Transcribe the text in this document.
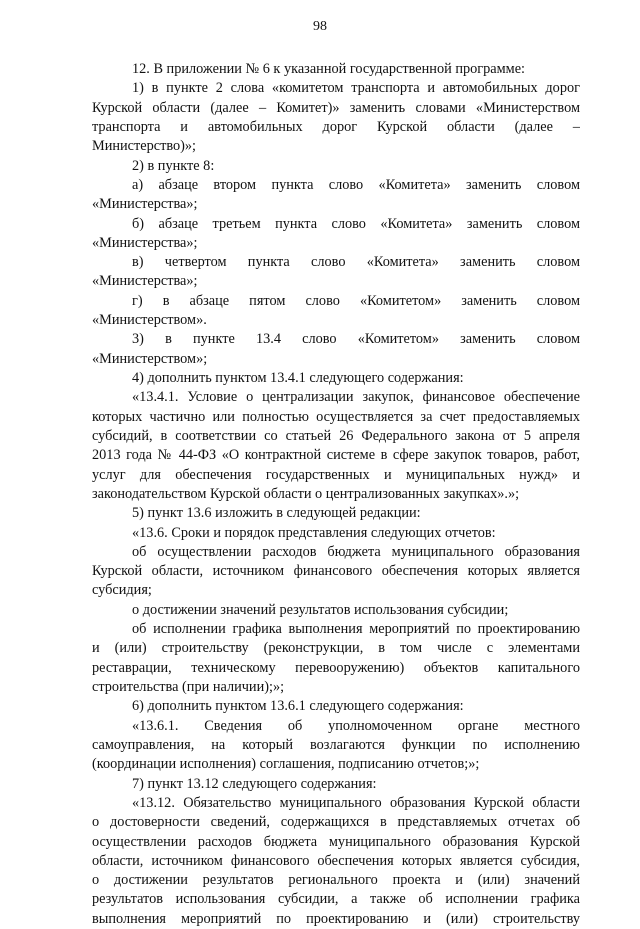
98
12. В приложении № 6 к указанной государственной программе:
1) в пункте 2 слова «комитетом транспорта и автомобильных дорог
Курской области (далее – Комитет)» заменить словами «Министерством
транспорта и автомобильных дорог Курской области (далее –
Министерство)»;
2) в пункте 8:
а) абзаце втором пункта слово «Комитета» заменить словом
«Министерства»;
б) абзаце третьем пункта слово «Комитета» заменить словом
«Министерства»;
в) четвертом пункта слово «Комитета» заменить словом
«Министерства»;
г) в абзаце пятом слово «Комитетом» заменить словом
«Министерством».
3) в пункте 13.4 слово «Комитетом» заменить словом
«Министерством»;
4) дополнить пунктом 13.4.1 следующего содержания:
«13.4.1. Условие о централизации закупок, финансовое обеспечение
которых частично или полностью осуществляется за счет предоставляемых
субсидий, в соответствии со статьей 26 Федерального закона от 5 апреля
2013 года № 44-ФЗ «О контрактной системе в сфере закупок товаров, работ,
услуг для обеспечения государственных и муниципальных нужд» и
законодательством Курской области о централизованных закупках».»;
5) пункт 13.6 изложить в следующей редакции:
«13.6. Сроки и порядок представления следующих отчетов:
об осуществлении расходов бюджета муниципального образования
Курской области, источником финансового обеспечения которых является
субсидия;
о достижении значений результатов использования субсидии;
об исполнении графика выполнения мероприятий по проектированию
и (или) строительству (реконструкции, в том числе с элементами
реставрации, техническому перевооружению) объектов капитального
строительства (при наличии);»;
6) дополнить пунктом 13.6.1 следующего содержания:
«13.6.1. Сведения об уполномоченном органе местного
самоуправления, на который возлагаются функции по исполнению
(координации исполнения) соглашения, подписанию отчетов;»;
7) пункт 13.12 следующего содержания:
«13.12. Обязательство муниципального образования Курской области
о достоверности сведений, содержащихся в представляемых отчетах об
осуществлении расходов бюджета муниципального образования Курской
области, источником финансового обеспечения которых является субсидия,
о достижении результатов регионального проекта и (или) значений
результатов использования субсидии, а также об исполнении графика
выполнения мероприятий по проектированию и (или) строительству
